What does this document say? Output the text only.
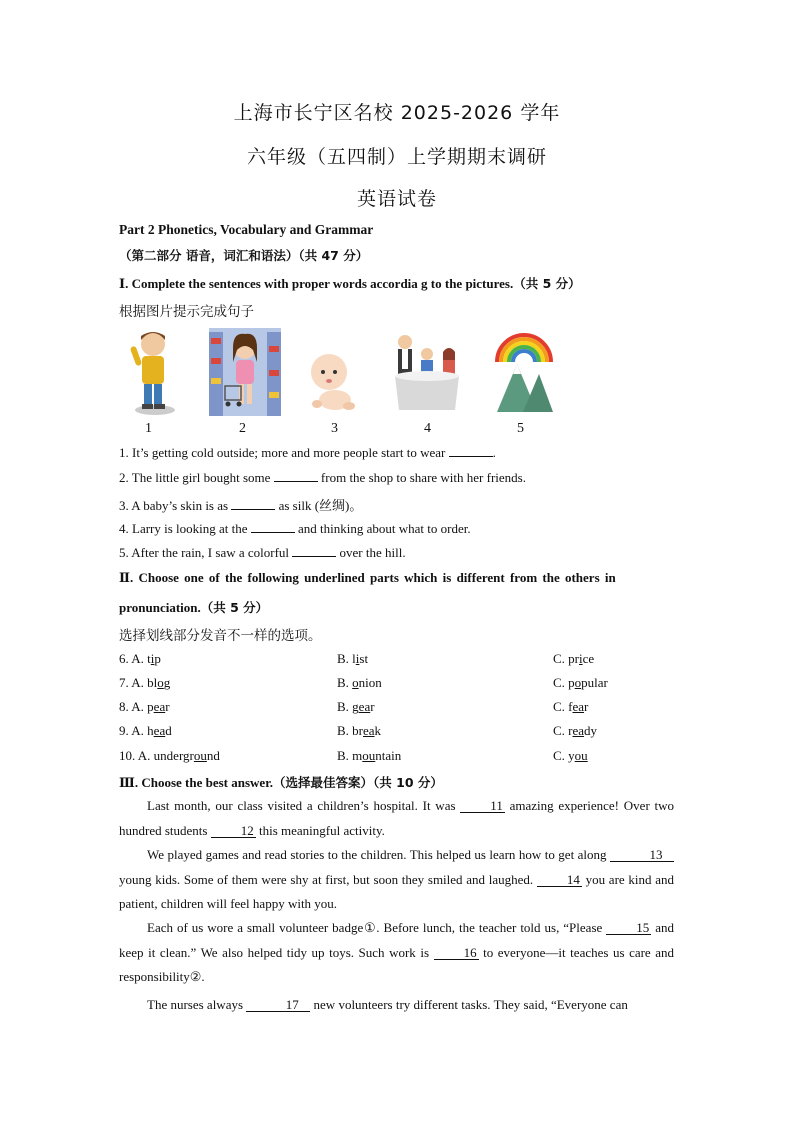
上海市长宁区名校 2025-2026 学年
六年级（五四制）上学期期末调研
英语试卷
Part 2 Phonetics, Vocabulary and Grammar
（第二部分 语音，词汇和语法）（共 47 分）
Ⅰ. Complete the sentences with proper words accordia g to the pictures.（共 5 分）
根据图片提示完成句子
1	2	3	4	5
1. It’s getting cold outside; more and more people start to wear	.
2. The little girl bought some	from the shop to share with her friends.
3. A baby’s skin is as	as silk (丝绸)。
4. Larry is looking at the	and thinking about what to order.
5. After the rain, I saw a colorful	over the hill.
Ⅱ. Choose one of the following underlined parts which is different from the others in
pronunciation.（共 5 分）
选择划线部分发音不一样的选项。
6. A. tip	B. list	C. price
7. A. blog	B. onion	C. popular
8. A. pear	B. gear	C. fear
9. A. head	B. break	C. ready
10. A. underground	B. mountain	C. you
Ⅲ. Choose the best answer.（选择最佳答案）（共 10 分）
Last month, our class visited a children’s hospital. It was	11 amazing experience! Over two hundred students	12 this meaningful activity.
We played games and read stories to the children. This helped us learn how to get along	13 young kids. Some of them were shy at first, but soon they smiled and laughed.	14 you are kind and patient, children will feel happy with you.
Each of us wore a small volunteer badge①. Before lunch, the teacher told us, “Please	15 and keep it clean.” We also helped tidy up toys. Such work is	16 to everyone—it teaches us care and responsibility②.
The nurses always	17 new volunteers try different tasks. They said, “Everyone can
